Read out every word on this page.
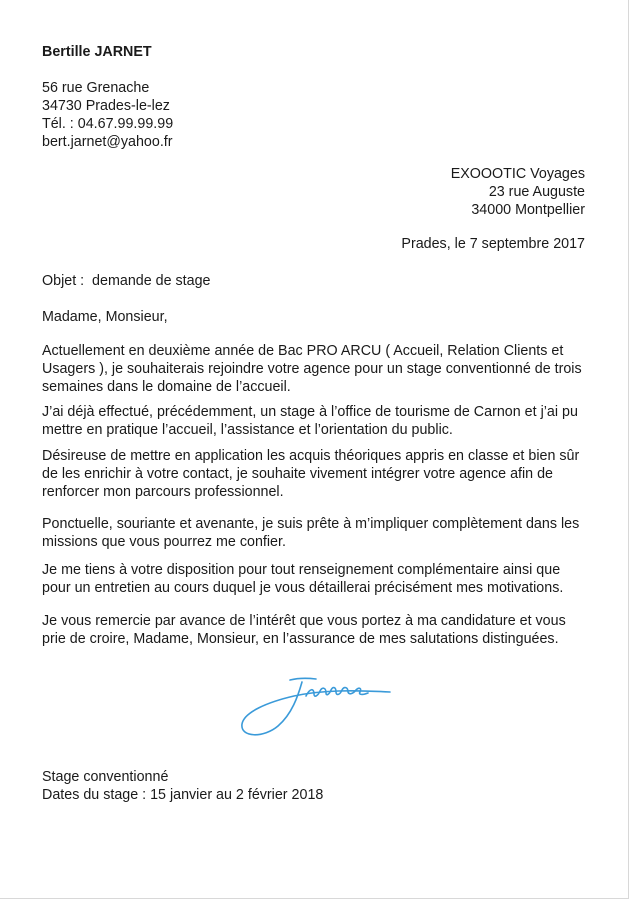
Bertille JARNET
56 rue Grenache
34730 Prades-le-lez
Tél. : 04.67.99.99.99
bert.jarnet@yahoo.fr
EXOOOTIC Voyages
23 rue Auguste
34000 Montpellier
Prades, le 7 septembre 2017
Objet :  demande de stage
Madame, Monsieur,
Actuellement en deuxième année de Bac PRO ARCU ( Accueil, Relation Clients et Usagers ), je souhaiterais rejoindre votre agence pour un stage conventionné de trois semaines dans le domaine de l’accueil.
J’ai déjà effectué, précédemment, un stage à l’office de tourisme de Carnon et j’ai pu mettre en pratique l’accueil, l’assistance et l’orientation du public.
Désireuse de mettre en application les acquis théoriques appris en classe et bien sûr de les enrichir à votre contact, je souhaite vivement intégrer votre agence afin de renforcer mon parcours professionnel.
Ponctuelle, souriante et avenante, je suis prête à m’impliquer complètement dans les missions que vous pourrez me confier.
Je me tiens à votre disposition pour tout renseignement complémentaire ainsi que pour un entretien au cours duquel je vous détaillerai précisément mes motivations.
Je vous remercie par avance de l’intérêt que vous portez à ma candidature et vous prie de croire, Madame, Monsieur, en l’assurance de mes salutations distinguées.
Stage conventionné
Dates du stage : 15 janvier au 2 février 2018
